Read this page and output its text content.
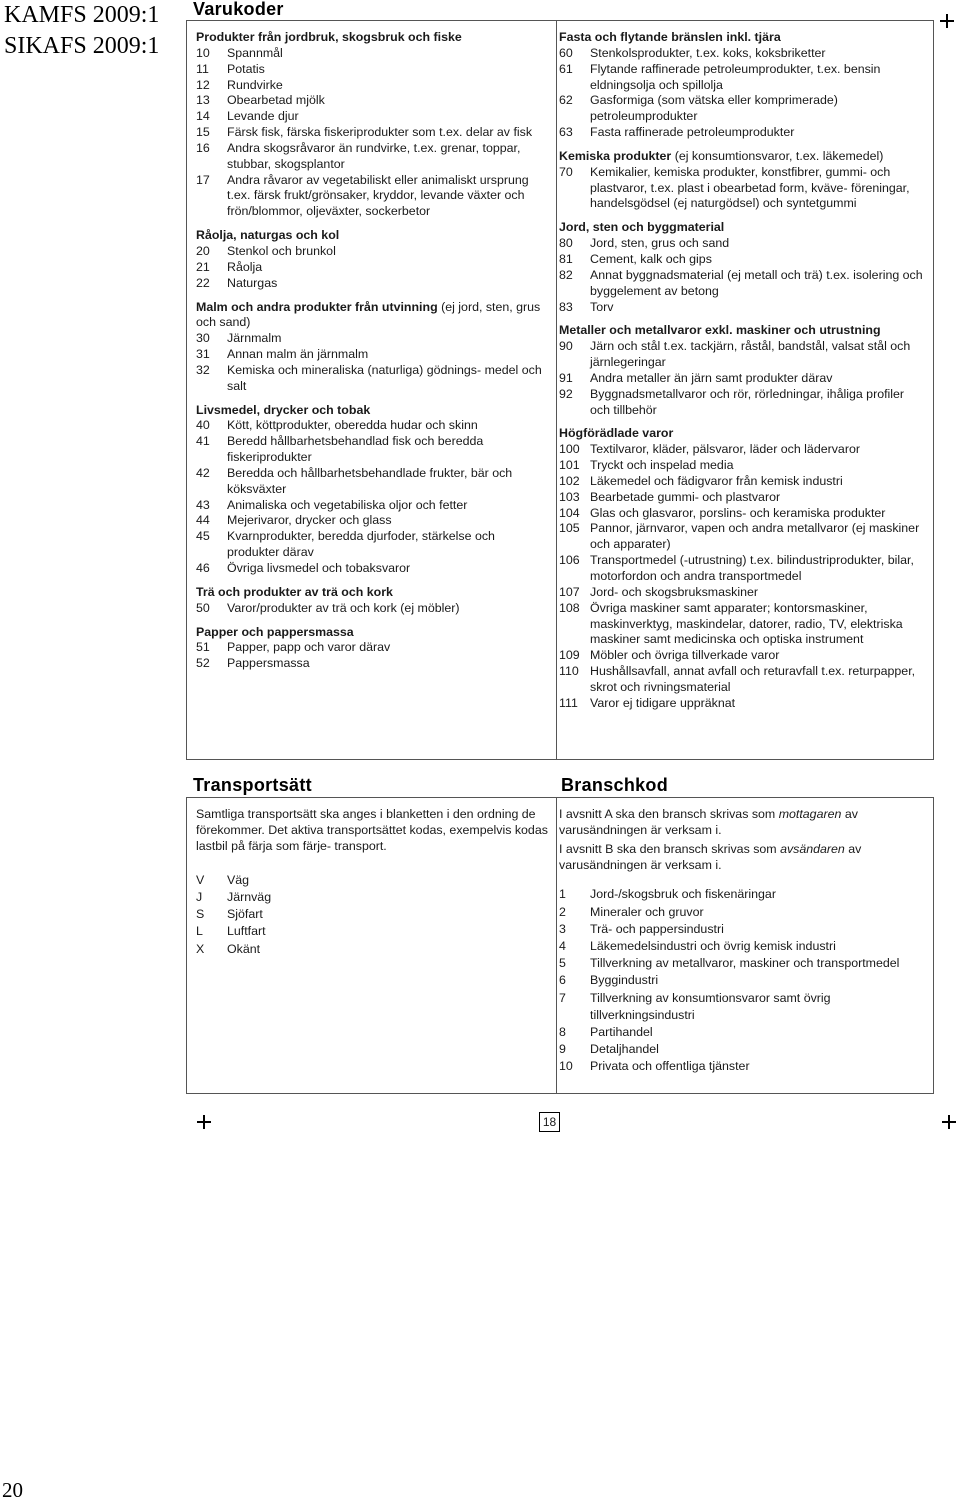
KAMFS 2009:1
SIKAFS 2009:1
Varukoder
Produkter från jordbruk, skogsbruk och fiske
10	Spannmål
11	Potatis
12	Rundvirke
13	Obearbetad mjölk
14	Levande djur
15	Färsk fisk, färska fiskeriprodukter som t.ex. delar av fisk
16	Andra skogsråvaror än rundvirke, t.ex. grenar, toppar, stubbar, skogsplantor
17	Andra råvaror av vegetabiliskt eller animaliskt ursprung t.ex. färsk frukt/grönsaker, kryddor, levande växter och frön/blommor, oljeväxter, sockerbetor
Råolja, naturgas och kol
20	Stenkol och brunkol
21	Råolja
22	Naturgas
Malm och andra produkter från utvinning (ej jord, sten, grus och sand)
30	Järnmalm
31	Annan malm än järnmalm
32	Kemiska och mineraliska (naturliga) gödnings- medel och salt
Livsmedel, drycker och tobak
40	Kött, köttprodukter, oberedda hudar och skinn
41	Beredd hållbarhetsbehandlad fisk och beredda fiskeriprodukter
42	Beredda och hållbarhetsbehandlade frukter, bär och köksväxter
43	Animaliska och vegetabiliska oljor och fetter
44	Mejerivaror, drycker och glass
45	Kvarnprodukter, beredda djurfoder, stärkelse och produkter därav
46	Övriga livsmedel och tobaksvaror
Trä och produkter av trä och kork
50	Varor/produkter av trä och kork (ej möbler)
Papper och pappersmassa
51	Papper, papp och varor därav
52	Pappersmassa
Fasta och flytande bränslen inkl. tjära
60	Stenkolsprodukter, t.ex. koks, koksbriketter
61	Flytande raffinerade petroleumprodukter, t.ex. bensin eldningsolja och spillolja
62	Gasformiga (som vätska eller komprimerade) petroleumprodukter
63	Fasta raffinerade petroleumprodukter
Kemiska produkter (ej konsumtionsvaror, t.ex. läkemedel)
70	Kemikalier, kemiska produkter, konstfibrer, gummi- och plastvaror, t.ex. plast i obearbetad form, kväve- föreningar, handelsgödsel (ej naturgödsel) och syntetgummi
Jord, sten och byggmaterial
80	Jord, sten, grus och sand
81	Cement, kalk och gips
82	Annat byggnadsmaterial (ej metall och trä) t.ex. isolering och byggelement av betong
83	Torv
Metaller och metallvaror exkl. maskiner och utrustning
90	Järn och stål t.ex. tackjärn, råstål, bandstål, valsat stål och järnlegeringar
91	Andra metaller än järn samt produkter därav
92	Byggnadsmetallvaror och rör, rörledningar, ihåliga profiler och tillbehör
Högförädlade varor
100 Textilvaror, kläder, pälsvaror, läder och lädervaror
101 Tryckt och inspelad media
102 Läkemedel och fädigvaror från kemisk industri
103 Bearbetade gummi- och plastvaror
104 Glas och glasvaror, porslins- och keramiska produkter
105 Pannor, järnvaror, vapen och andra metallvaror (ej maskiner och apparater)
106 Transportmedel (-utrustning) t.ex. bilindustriprodukter, bilar, motorfordon och andra transportmedel
107 Jord- och skogsbruksmaskiner
108 Övriga maskiner samt apparater; kontorsmaskiner, maskinverktyg, maskindelar, datorer, radio, TV, elektriska maskiner samt medicinska och optiska instrument
109 Möbler och övriga tillverkade varor
110 Hushållsavfall, annat avfall och returavfall t.ex. returpapper, skrot och rivningsmaterial
111 Varor ej tidigare uppräknat
Transportsätt
Samtliga transportsätt ska anges i blanketten i den ordning de förekommer. Det aktiva transportsättet kodas, exempelvis kodas lastbil på färja som färje- transport.
V	Väg
J	Järnväg
S	Sjöfart
L	Luftfart
X	Okänt
Branschkod
I avsnitt A ska den bransch skrivas som mottagaren av varusändningen är verksam i.
I avsnitt B ska den bransch skrivas som avsändaren av varusändningen är verksam i.
1	Jord-/skogsbruk och fiskenäringar
2	Mineraler och gruvor
3	Trä- och pappersindustri
4	Läkemedelsindustri och övrig kemisk industri
5	Tillverkning av metallvaror, maskiner och transportmedel
6	Byggindustri
7	Tillverkning av konsumtionsvaror samt övrig tillverkningsindustri
8	Partihandel
9	Detaljhandel
10	Privata och offentliga tjänster
18
20
